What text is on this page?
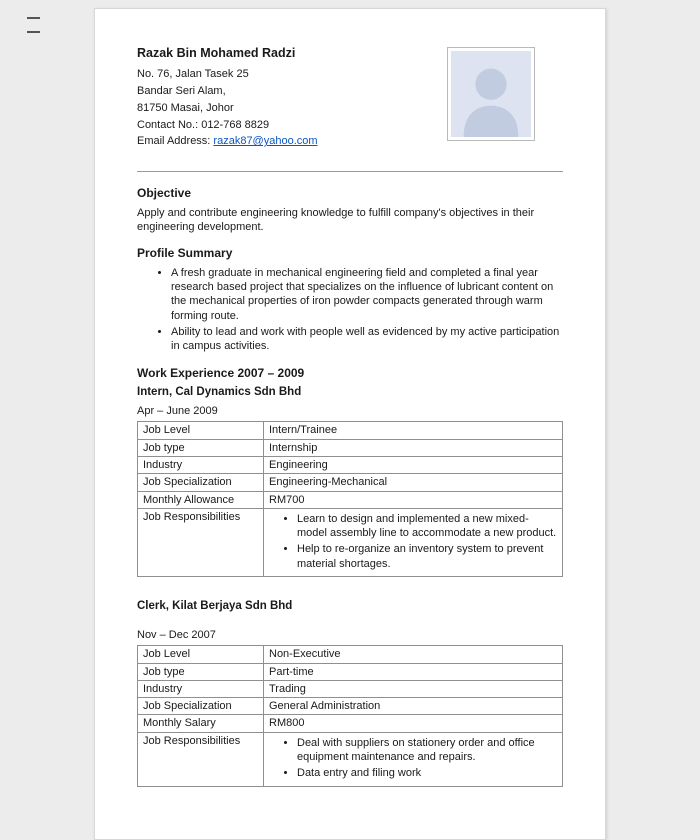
Razak Bin Mohamed Radzi
No. 76, Jalan Tasek 25
Bandar Seri Alam,
81750 Masai, Johor
Contact No.: 012-768 8829
Email Address: razak87@yahoo.com
Objective
Apply and contribute engineering knowledge to fulfill company's objectives in their engineering development.
Profile Summary
• A fresh graduate in mechanical engineering field and completed a final year research based project that specializes on the influence of lubricant content on the mechanical properties of iron powder compacts generated through warm forming route.
• Ability to lead and work with people well as evidenced by my active participation in campus activities.
Work Experience 2007 – 2009
Intern, Cal Dynamics Sdn Bhd
Apr – June 2009
Job Level	Intern/Trainee
Job type	Internship
Industry	Engineering
Job Specialization	Engineering-Mechanical
Monthly Allowance	RM700
Job Responsibilities	
•Learn to design and implemented a new mixed-model assembly line to accommodate a new product.
• Help to re-organize an inventory system to prevent material shortages.
Clerk, Kilat Berjaya Sdn Bhd
Nov – Dec 2007
Job Level	Non-Executive
Job type	Part-time
Industry	Trading
Job Specialization	General Administration
Monthly Salary	RM800
Job Responsibilities	
•Deal with suppliers on stationery order and office equipment maintenance and repairs.
• Data entry and filing work
